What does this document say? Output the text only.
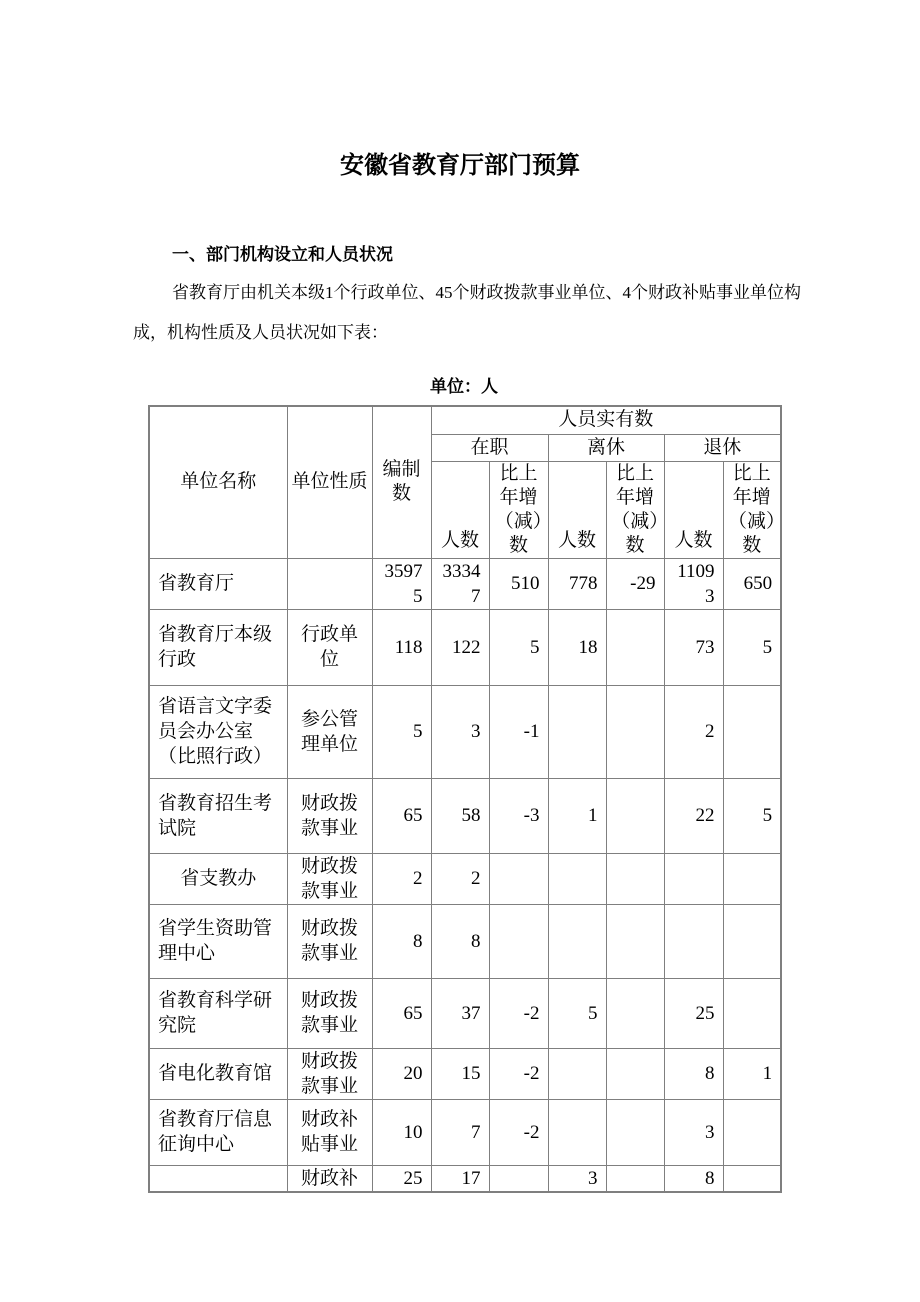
安徽省教育厅部门预算
一、部门机构设立和人员状况

省教育厅由机关本级1个行政单位、45个财政拨款事业单位、4个财政补贴事业单位构成，机构性质及人员状况如下表：

单位：人
单位名称	单位性质	编制数	人员实有数					
			在职		离休		退休	
			人数	比上年增（减）数	人数	比上年增（减）数	人数	比上年增（减）数
省教育厅		35975	33347	510	778	-29	11093	650
省教育厅本级行政	行政单位	118	122	5	18		73	5
省语言文字委员会办公室（比照行政）	参公管理单位	5	3	-1			2	
省教育招生考试院	财政拨款事业	65	58	-3	1		22	5
省支教办	财政拨款事业	2	2					
省学生资助管理中心	财政拨款事业	8	8					
省教育科学研究院	财政拨款事业	65	37	-2	5		25	
省电化教育馆	财政拨款事业	20	15	-2			8	1
省教育厅信息征询中心	财政补贴事业	10	7	-2			3	
	财政补	25	17		3		8	
